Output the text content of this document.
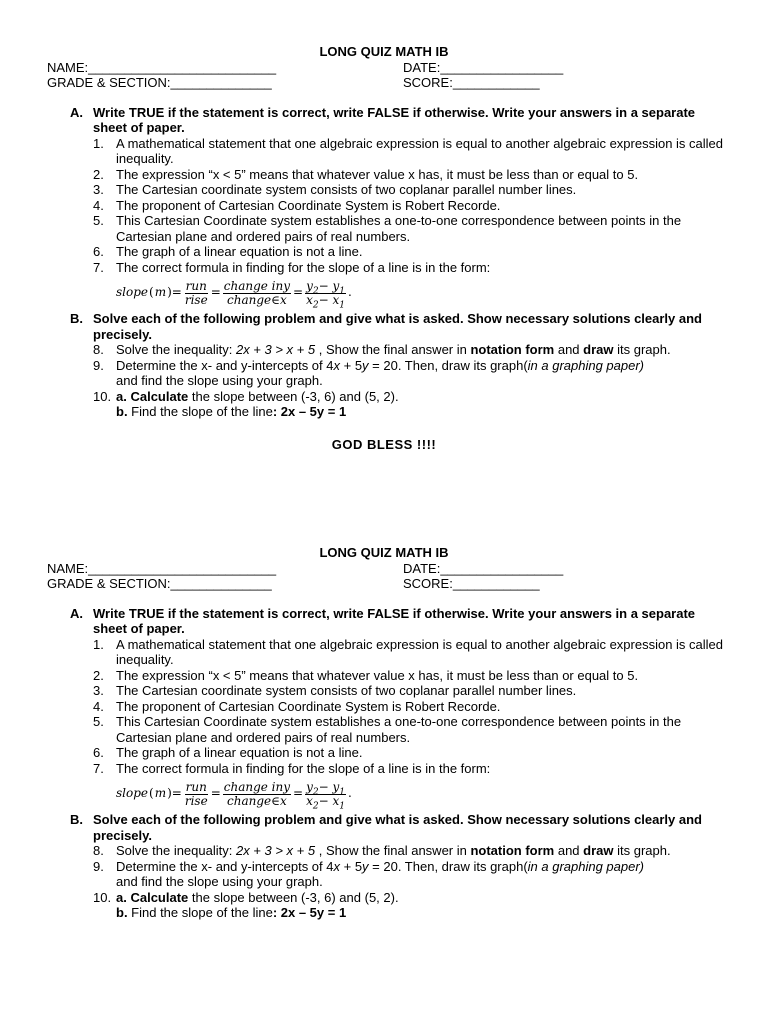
LONG QUIZ MATH IB
NAME:__________________________	DATE:_________________
GRADE & SECTION:______________	SCORE:____________
A. Write TRUE if the statement is correct, write FALSE if otherwise. Write your answers in a separate sheet of paper.
1. A mathematical statement that one algebraic expression is equal to another algebraic expression is called inequality.
2. The expression “x < 5” means that whatever value x has, it must be less than or equal to 5.
3. The Cartesian coordinate system consists of two coplanar parallel number lines.
4. The proponent of Cartesian Coordinate System is Robert Recorde.
5. This Cartesian Coordinate system establishes a one-to-one correspondence between points in the Cartesian plane and ordered pairs of real numbers.
6. The graph of a linear equation is not a line.
7. The correct formula in finding for the slope of a line is in the form:
slope ( m )= $\frac{\text{run}}{\text{rise}} = \frac{\text{change iny}}{\text{change∈x}} = \frac{y_2- y_1}{x_2- x_1}$ .
B. Solve each of the following problem and give what is asked. Show necessary solutions clearly and precisely.
8. Solve the inequality: 2x + 3 > x + 5 , Show the final answer in notation form and draw its graph.
9. Determine the x- and y-intercepts of 4x + 5y = 20. Then, draw its graph(in a graphing paper)
and find the slope using your graph.
10. a. Calculate the slope between (-3, 6) and (5, 2).
b. Find the slope of the line: 2x – 5y = 1
GOD BLESS !!!!
LONG QUIZ MATH IB
NAME:__________________________	DATE:_________________
GRADE & SECTION:______________	SCORE:____________
A. Write TRUE if the statement is correct, write FALSE if otherwise. Write your answers in a separate sheet of paper.
1. A mathematical statement that one algebraic expression is equal to another algebraic expression is called inequality.
2. The expression “x < 5” means that whatever value x has, it must be less than or equal to 5.
3. The Cartesian coordinate system consists of two coplanar parallel number lines.
4. The proponent of Cartesian Coordinate System is Robert Recorde.
5. This Cartesian Coordinate system establishes a one-to-one correspondence between points in the Cartesian plane and ordered pairs of real numbers.
6. The graph of a linear equation is not a line.
7. The correct formula in finding for the slope of a line is in the form:
slope ( m )= $\frac{\text{run}}{\text{rise}} = \frac{\text{change iny}}{\text{change∈x}} = \frac{y_2- y_1}{x_2- x_1}$ .
B. Solve each of the following problem and give what is asked. Show necessary solutions clearly and precisely.
8. Solve the inequality: 2x + 3 > x + 5 , Show the final answer in notation form and draw its graph.
9. Determine the x- and y-intercepts of 4x + 5y = 20. Then, draw its graph(in a graphing paper)
and find the slope using your graph.
10. a. Calculate the slope between (-3, 6) and (5, 2).
b. Find the slope of the line: 2x – 5y = 1
